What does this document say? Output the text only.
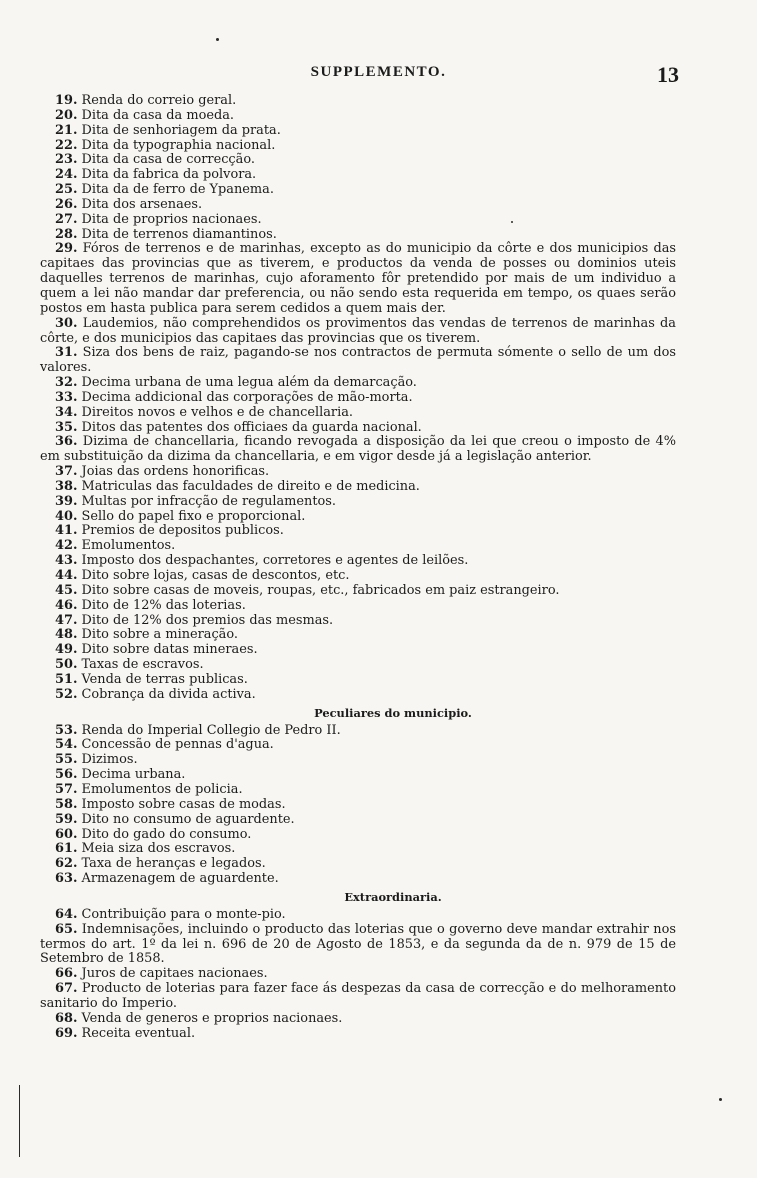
SUPPLEMENTO.	13

19. Renda do correio geral.

20. Dita da casa da moeda.

21. Dita de senhoriagem da prata.

22. Dita da typographia nacional.

23. Dita da casa de correcção.

24. Dita da fabrica da polvora.

25. Dita da de ferro de Ypanema.

26. Dita dos arsenaes.

27. Dita de proprios nacionaes.

28. Dita de terrenos diamantinos.

29. Fóros de terrenos e de marinhas, excepto as do municipio da côrte e dos municipios das capitaes das provincias que as tiverem, e productos da venda de posses ou dominios uteis daquelles terrenos de marinhas, cujo aforamento fôr pretendido por mais de um individuo a quem a lei não mandar dar preferencia, ou não sendo esta requerida em tempo, os quaes serão postos em hasta publica para serem cedidos a quem mais der.

30. Laudemios, não comprehendidos os provimentos das vendas de terrenos de marinhas da côrte, e dos municipios das capitaes das provincias que os tiverem.

31. Siza dos bens de raiz, pagando-se nos contractos de permuta sómente o sello de um dos valores.

32. Decima urbana de uma legua além da demarcação.

33. Decima addicional das corporações de mão-morta.

34. Direitos novos e velhos e de chancellaria.

35. Ditos das patentes dos officiaes da guarda nacional.

36. Dizima de chancellaria, ficando revogada a disposição da lei que creou o imposto de 4% em substituição da dizima da chancellaria, e em vigor desde já a legislação anterior.

37. Joias das ordens honorificas.

38. Matriculas das faculdades de direito e de medicina.

39. Multas por infracção de regulamentos.

40. Sello do papel fixo e proporcional.

41. Premios de depositos publicos.

42. Emolumentos.

43. Imposto dos despachantes, corretores e agentes de leilões.

44. Dito sobre lojas, casas de descontos, etc.

45. Dito sobre casas de moveis, roupas, etc., fabricados em paiz estrangeiro.

46. Dito de 12% das loterias.

47. Dito de 12% dos premios das mesmas.

48. Dito sobre a mineração.

49. Dito sobre datas mineraes.

50. Taxas de escravos.

51. Venda de terras publicas.

52. Cobrança da divida activa.

Peculiares do municipio.

53. Renda do Imperial Collegio de Pedro II.

54. Concessão de pennas d'agua.

55. Dizimos.

56. Decima urbana.

57. Emolumentos de policia.

58. Imposto sobre casas de modas.

59. Dito no consumo de aguardente.

60. Dito do gado do consumo.

61. Meia siza dos escravos.

62. Taxa de heranças e legados.

63. Armazenagem de aguardente.

Extraordinaria.

64. Contribuição para o monte-pio.

65. Indemnisações, incluindo o producto das loterias que o governo deve mandar extrahir nos termos do art. 1º da lei n. 696 de 20 de Agosto de 1853, e da segunda da de n. 979 de 15 de Setembro de 1858.

66. Juros de capitaes nacionaes.

67. Producto de loterias para fazer face ás despezas da casa de correcção e do melhoramento sanitario do Imperio.

68. Venda de generos e proprios nacionaes.

69. Receita eventual.
